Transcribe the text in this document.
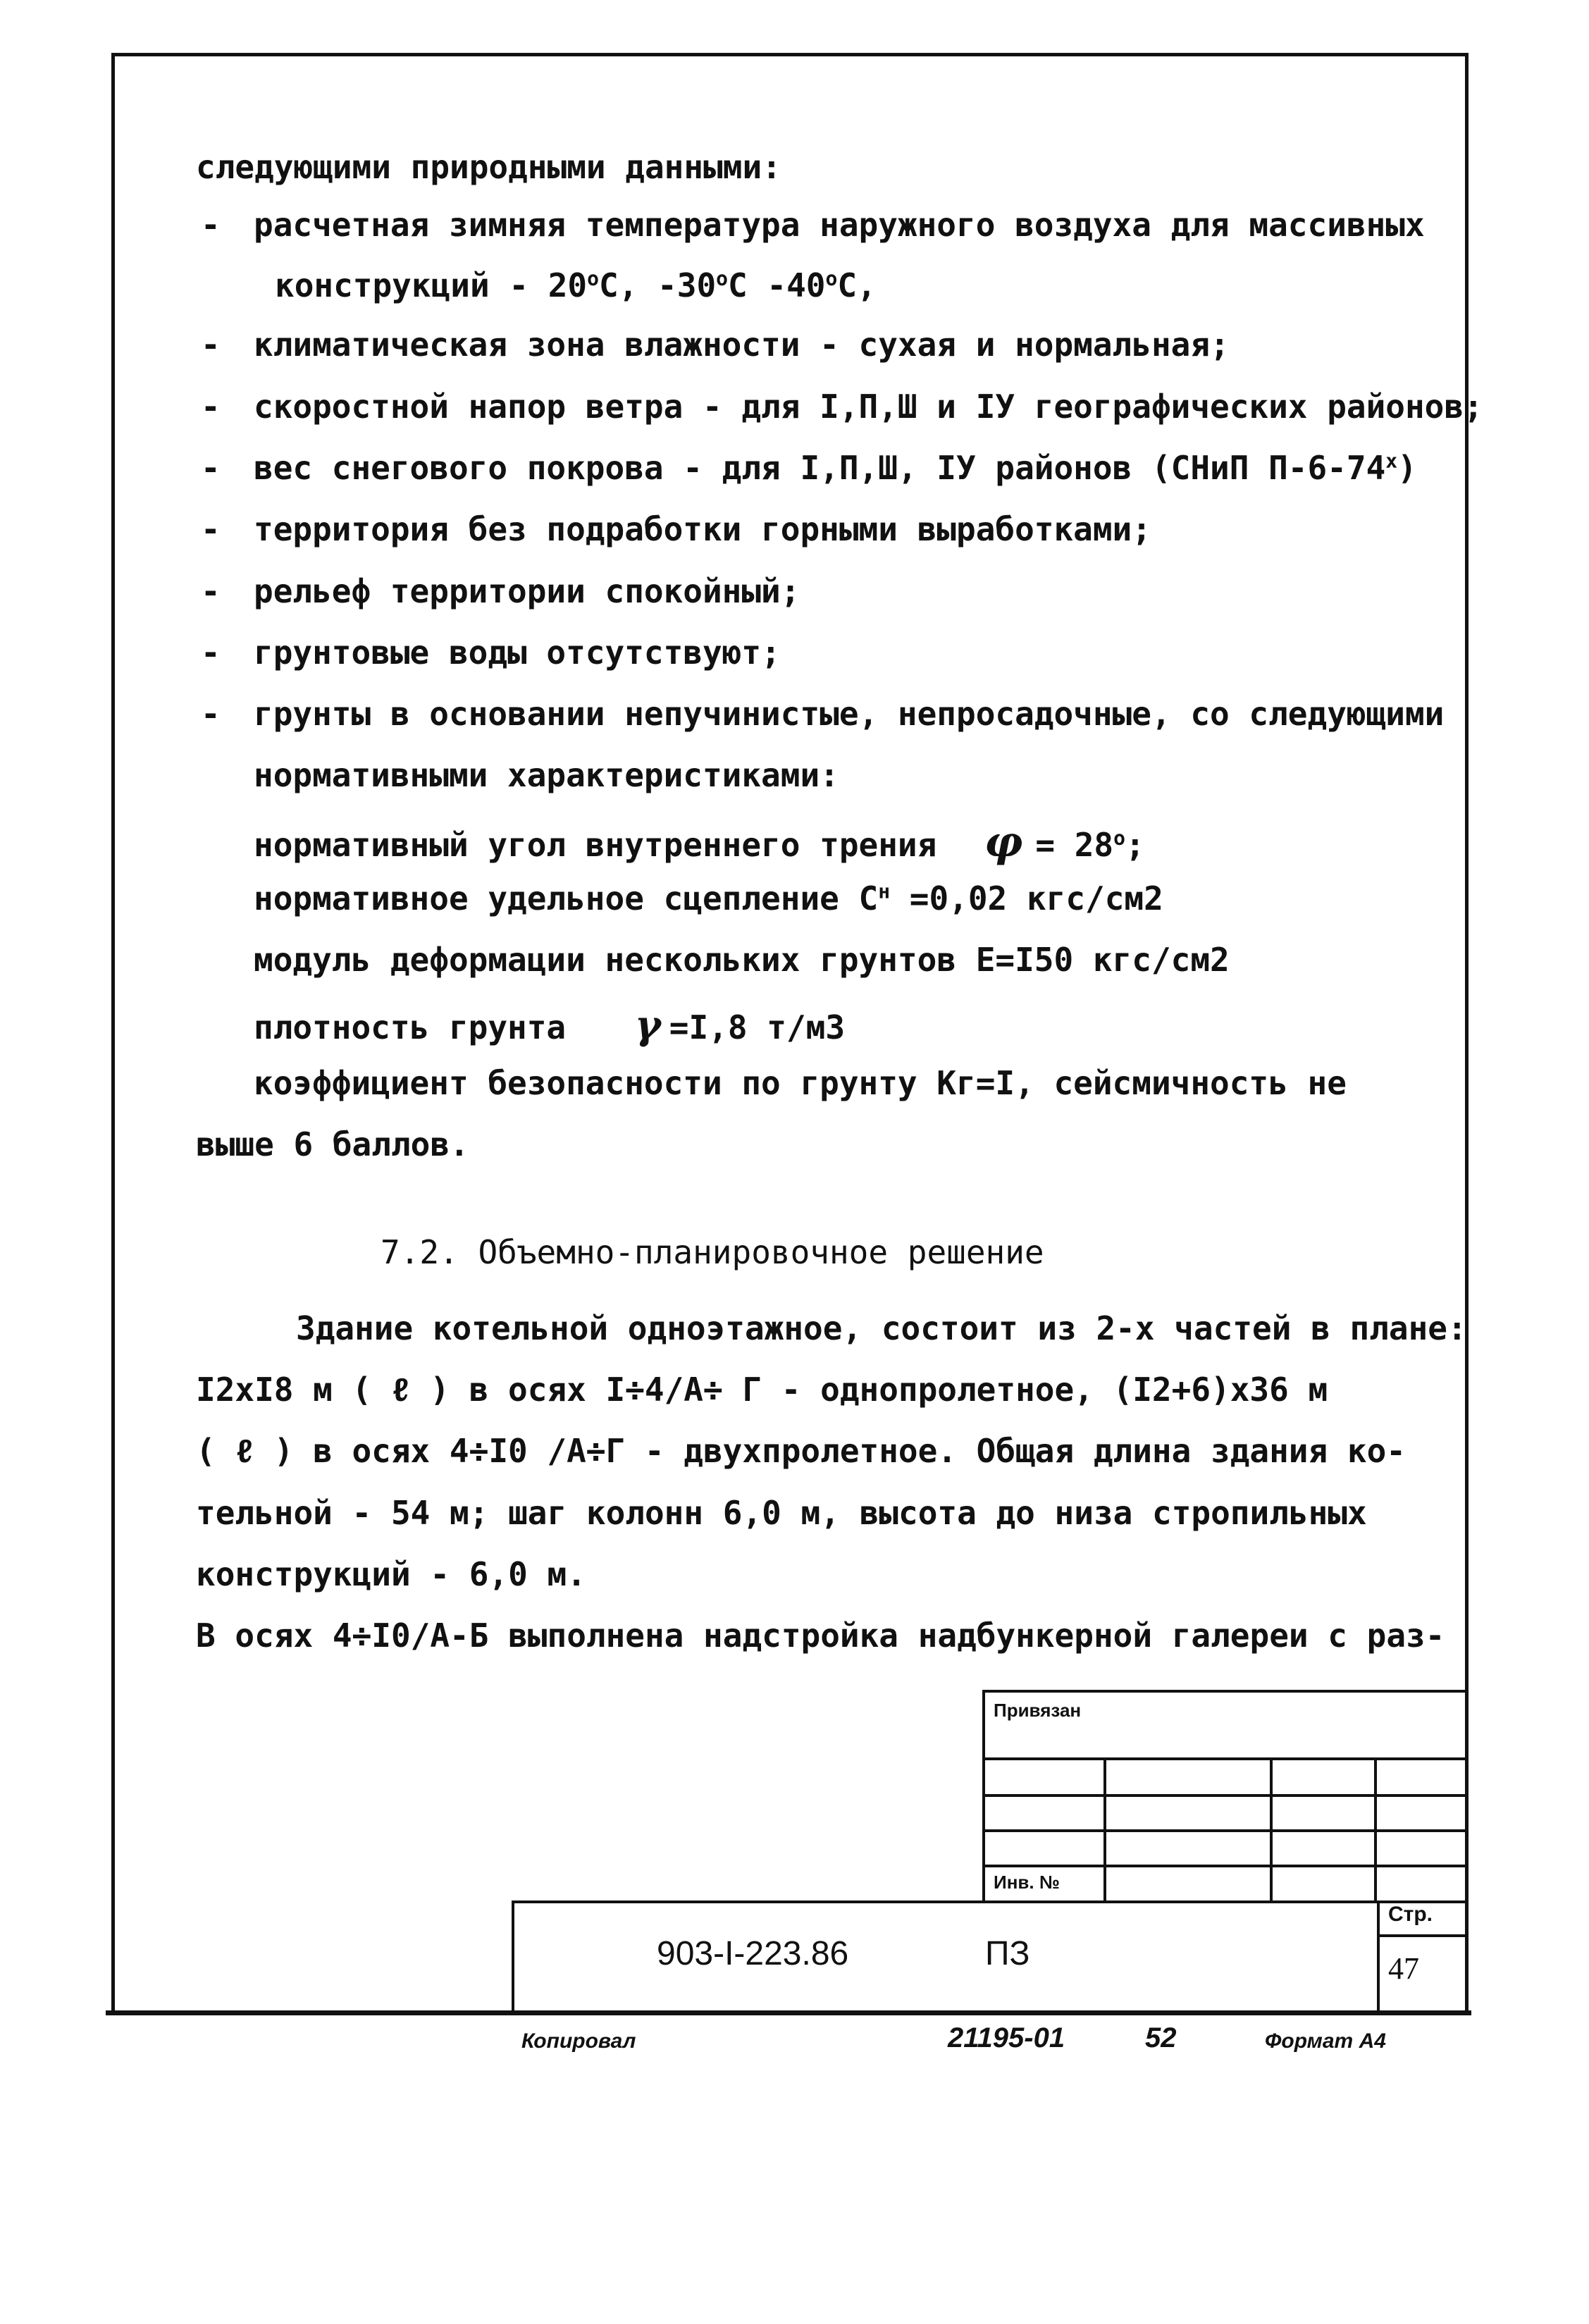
-
-
-
-
-
-
-
-
следующими природными данными:
расчетная зимняя температура наружного воздуха для массивных
конструкций - $20^оС$, $-30^оС$ $-40^оС$,
климатическая зона влажности - сухая и нормальная;
скоростной напор ветра - для I,П,Ш и IУ географических районов;
вес снегового покрова - для I,П,Ш, IУ районов (СНиП $П-6-74^х$)
территория без подработки горными выработками;
рельеф территории спокойный;
грунтовые воды отсутствуют;
грунты в основании непучинистые, непросадочные, со следующими
нормативными характеристиками:
нормативный угол внутреннего трения $\varphi = 28^о$;
нормативное удельное сцепление $С^н =0,02$ кгс/см2
модуль деформации нескольких грунтов Е=I50 кгс/см2
плотность грунта γ =I,8 т/м3
коэффициент безопасности по грунту Кг=I, сейсмичность не
выше 6 баллов.
7.2. Объемно-планировочное решение
Здание котельной одноэтажное, состоит из 2-х частей в плане:
I2хI8 м ( ℓ ) в осях I÷4/А÷ Г - однопролетное, (I2+6)х36 м
( ℓ ) в осях 4÷I0 /А÷Г - двухпролетное. Общая длина здания ко-
тельной - 54 м; шаг колонн 6,0 м, высота до низа стропильных
конструкций - 6,0 м.
В осях 4÷I0/А-Б выполнена надстройка надбункерной галереи с раз-
Привязан
Инв. №
903-I-223.86	ПЗ
Стр.
47
Копировал	21195-01	52	Формат А4
